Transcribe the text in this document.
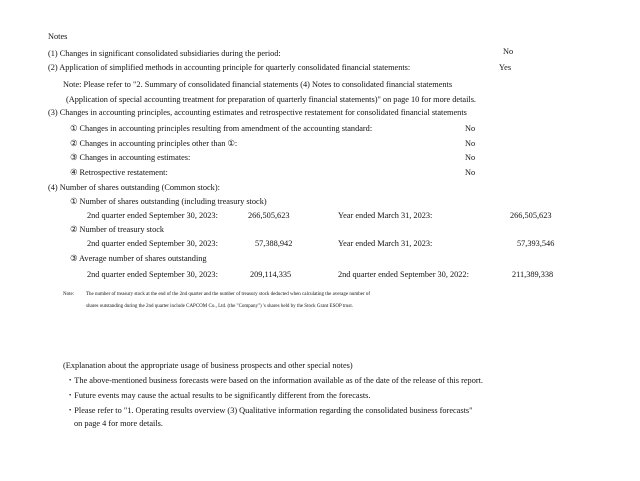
Notes
(1) Changes in significant consolidated subsidiaries during the period:	No
(2) Application of simplified methods in accounting principle for quarterly consolidated financial statements:	Yes
Note: Please refer to "2. Summary of consolidated financial statements (4) Notes to consolidated financial statements
(Application of special accounting treatment for preparation of quarterly financial statements)" on page 10 for more details.
(3) Changes in accounting principles, accounting estimates and retrospective restatement for consolidated financial statements
① Changes in accounting principles resulting from amendment of the accounting standard:	No
② Changes in accounting principles other than ①:	No
③ Changes in accounting estimates:	No
④ Retrospective restatement:	No
(4) Number of shares outstanding (Common stock):
① Number of shares outstanding (including treasury stock)
2nd quarter ended September 30, 2023:	266,505,623	Year ended March 31, 2023:	266,505,623
② Number of treasury stock
2nd quarter ended September 30, 2023:	57,388,942	Year ended March 31, 2023:	57,393,546
③ Average number of shares outstanding
2nd quarter ended September 30, 2023:	209,114,335	2nd quarter ended September 30, 2022:	211,389,338
Note: The number of treasury stock at the end of the 2nd quarter and the number of treasury stock deducted when calculating the average number of
shares outstanding during the 2nd quarter include CAPCOM Co., Ltd. (the "Company") 's shares held by the Stock Grant ESOP trust.
(Explanation about the appropriate usage of business prospects and other special notes)
・The above-mentioned business forecasts were based on the information available as of the date of the release of this report.
・Future events may cause the actual results to be significantly different from the forecasts.
・Please refer to "1. Operating results overview (3) Qualitative information regarding the consolidated business forecasts"
on page 4 for more details.
